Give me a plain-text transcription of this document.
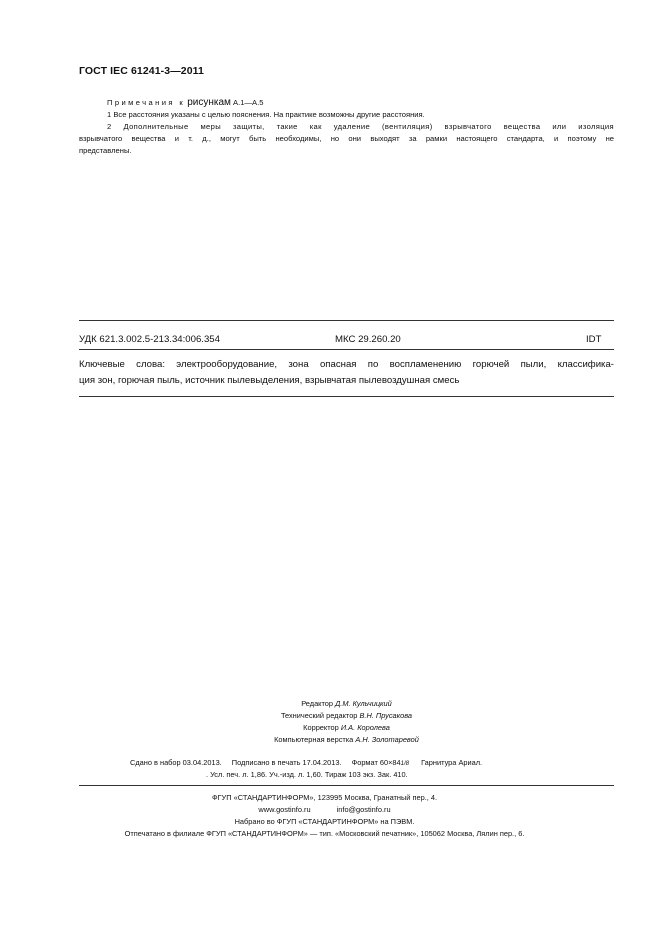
ГОСТ IEC 61241-3—2011
Примечания к рисункам А.1—А.5
1 Все расстояния указаны с целью пояснения. На практике возможны другие расстояния.
2 Дополнительные меры защиты, такие как удаление (вентиляция) взрывчатого вещества или изоляция
взрывчатого вещества и т. д., могут быть необходимы, но они выходят за рамки настоящего стандарта, и поэтому не
представлены.
УДК 621.3.002.5-213.34:006.354	МКС 29.260.20	IDT
Ключевые слова: электрооборудование, зона опасная по воспламенению горючей пыли, классифика-
ция зон, горючая пыль, источник пылевыделения, взрывчатая пылевоздушная смесь
Редактор Д.М. Кульчицкий
Технический редактор В.Н. Прусакова
Корректор И.А. Королева
Компьютерная верстка А.Н. Золотаревой
Сдано в набор 03.04.2013. Подписано в печать 17.04.2013. Формат 60×841/8 Гарнитура Ариал.
. Усл. печ. л. 1,86. Уч.-изд. л. 1,60. Тираж 103 экз. Зак. 410.
ФГУП «СТАНДАРТИНФОРМ», 123995 Москва, Гранатный пер., 4.
www.gostinfo.ru	info@gostinfo.ru
Набрано во ФГУП «СТАНДАРТИНФОРМ» на ПЭВМ.
Отпечатано в филиале ФГУП «СТАНДАРТИНФОРМ» — тип. «Московский печатник», 105062 Москва, Лялин пер., 6.
